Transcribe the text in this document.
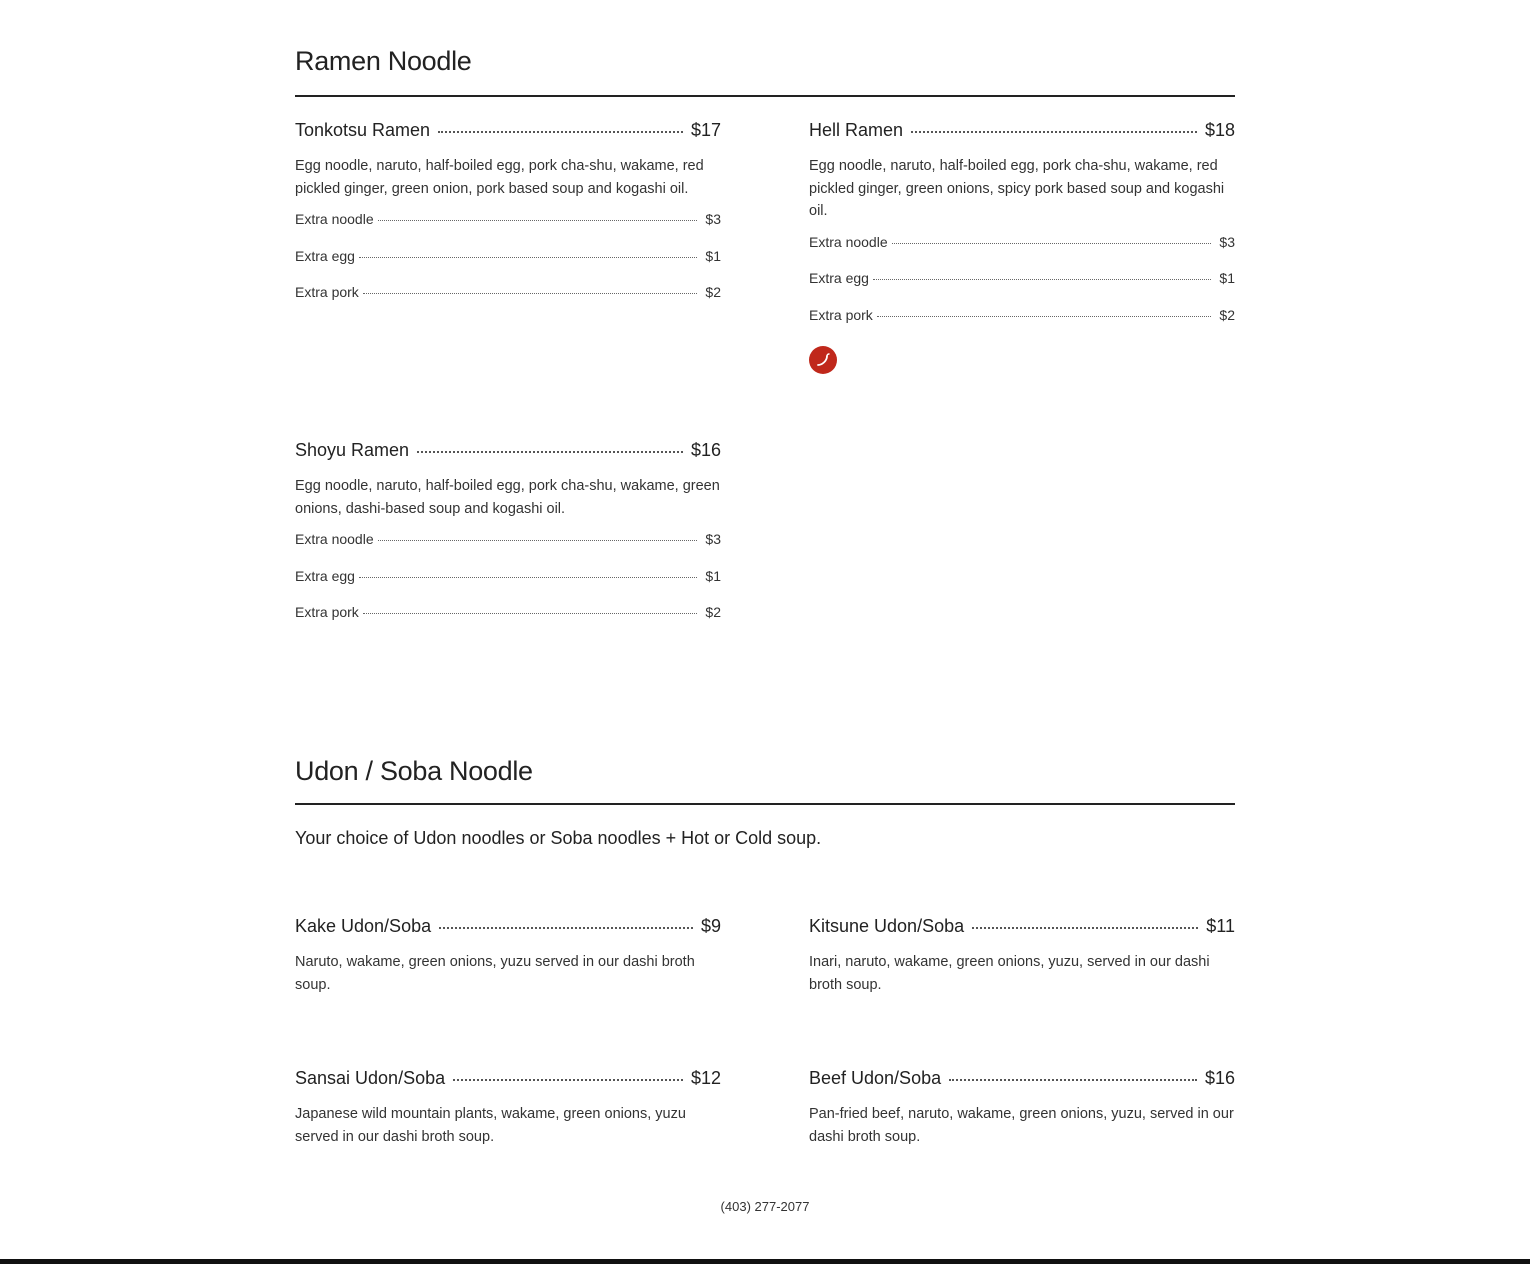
Ramen Noodle
Tonkotsu Ramen	$17
Egg noodle, naruto, half-boiled egg, pork cha-shu, wakame, red pickled ginger, green onion, pork based soup and kogashi oil.
Extra noodle	$3
Extra egg	$1
Extra pork	$2
Hell Ramen	$18
Egg noodle, naruto, half-boiled egg, pork cha-shu, wakame, red pickled ginger, green onions, spicy pork based soup and kogashi oil.
Extra noodle	$3
Extra egg	$1
Extra pork	$2
Shoyu Ramen	$16
Egg noodle, naruto, half-boiled egg, pork cha-shu, wakame, green onions, dashi-based soup and kogashi oil.
Extra noodle	$3
Extra egg	$1
Extra pork	$2
Udon / Soba Noodle

Your choice of Udon noodles or Soba noodles + Hot or Cold soup.

Kake Udon/Soba	$9
Naruto, wakame, green onions, yuzu served in our dashi broth soup.
Kitsune Udon/Soba	$11
Inari, naruto, wakame, green onions, yuzu, served in our dashi broth soup.
Sansai Udon/Soba	$12
Japanese wild mountain plants, wakame, green onions, yuzu served in our dashi broth soup.
Beef Udon/Soba	$16
Pan-fried beef, naruto, wakame, green onions, yuzu, served in our dashi broth soup.
(403) 277-2077
